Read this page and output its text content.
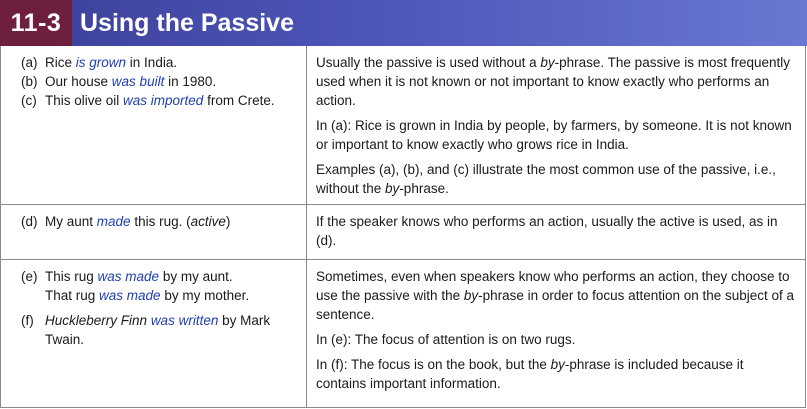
11-3 Using the Passive

(a) Rice is grown in India.

(b) Our house was built in 1980.

(c) This olive oil was imported from Crete.

Usually the passive is used without a by-phrase. The passive is most frequently used when it is not known or not important to know exactly who performs an action.

In (a): Rice is grown in India by people, by farmers, by someone. It is not known or important to know exactly who grows rice in India.

Examples (a), (b), and (c) illustrate the most common use of the passive, i.e., without the by-phrase.

(d) My aunt made this rug. (active)	If the speaker knows who performs an action, usually the active is used, as in (d).

(e) This rug was made by my aunt.

That rug was made by my mother.

(f) Huckleberry Finn was written by Mark Twain.

Sometimes, even when speakers know who performs an action, they choose to use the passive with the by-phrase in order to focus attention on the subject of a sentence.

In (e): The focus of attention is on two rugs.

In (f): The focus is on the book, but the by-phrase is included because it contains important information.
